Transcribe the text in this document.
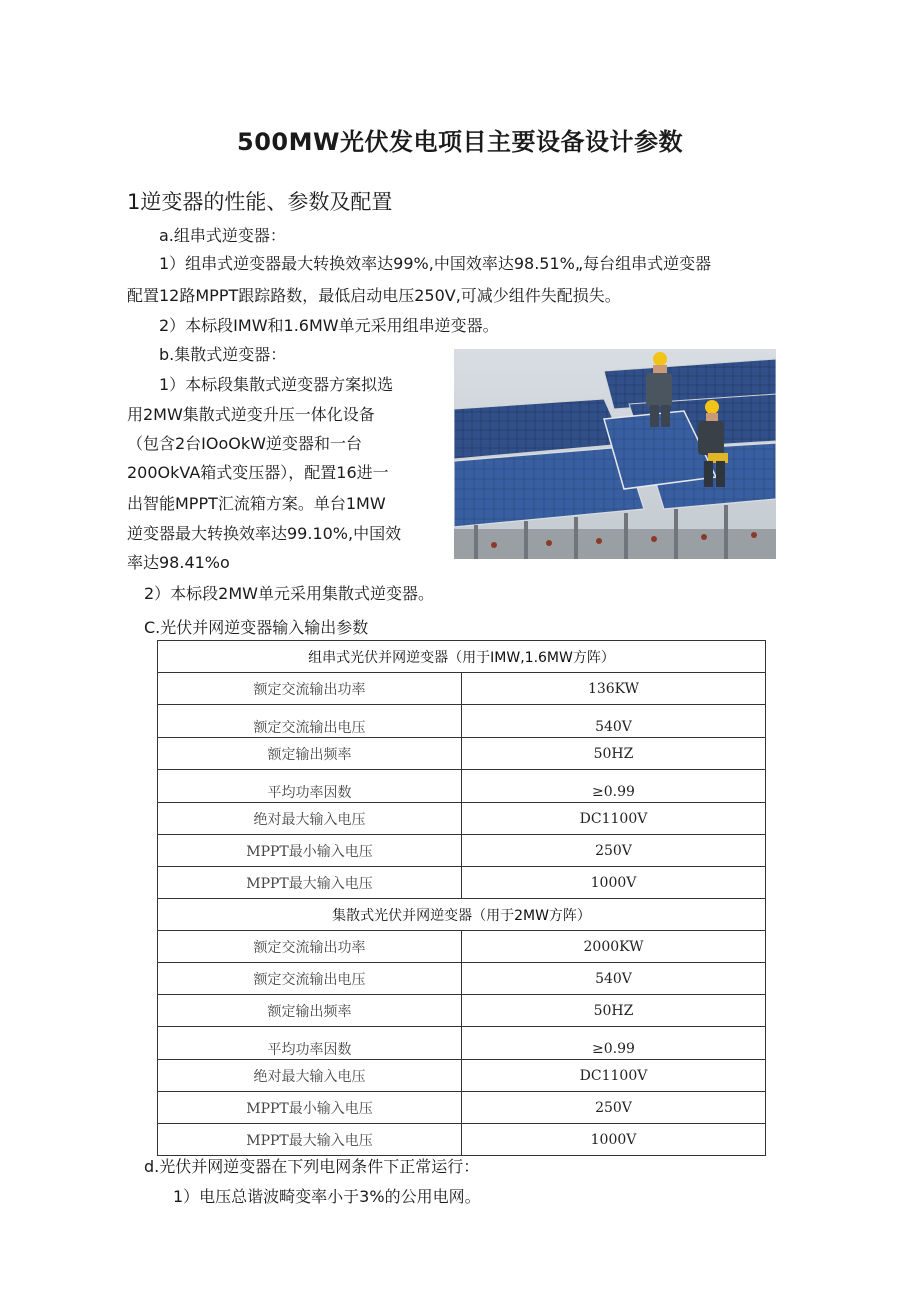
500MW光伏发电项目主要设备设计参数
1逆变器的性能、参数及配置
a.组串式逆变器：
1）组串式逆变器最大转换效率达99%,中国效率达98.51%„每台组串式逆变器
配置12路MPPT跟踪路数，最低启动电压250V,可减少组件失配损失。
2）本标段IMW和1.6MW单元采用组串逆变器。
b.集散式逆变器：
1）本标段集散式逆变器方案拟选
用2MW集散式逆变升压一体化设备
（包含2台IOoOkW逆变器和一台
200OkVA箱式变压器），配置16进一
出智能MPPT汇流箱方案。单台1MW
逆变器最大转换效率达99.10%,中国效
率达98.41%o
2）本标段2MW单元采用集散式逆变器。
C.光伏并网逆变器输入输出参数
组串式光伏并网逆变器（用于IMW,1.6MW方阵）	
额定交流输出功率	136KW
额定交流输出电压	540V
额定输出频率	50HZ
平均功率因数	≥0.99
绝对最大输入电压	DC1100V
MPPT最小输入电压	250V
MPPT最大输入电压	1000V
集散式光伏并网逆变器（用于2MW方阵）	
额定交流输出功率	2000KW
额定交流输出电压	540V
额定输出频率	50HZ
平均功率因数	≥0.99
绝对最大输入电压	DC1100V
MPPT最小输入电压	250V
MPPT最大输入电压	1000V
d.光伏并网逆变器在下列电网条件下正常运行：
1）电压总谐波畸变率小于3%的公用电网。
